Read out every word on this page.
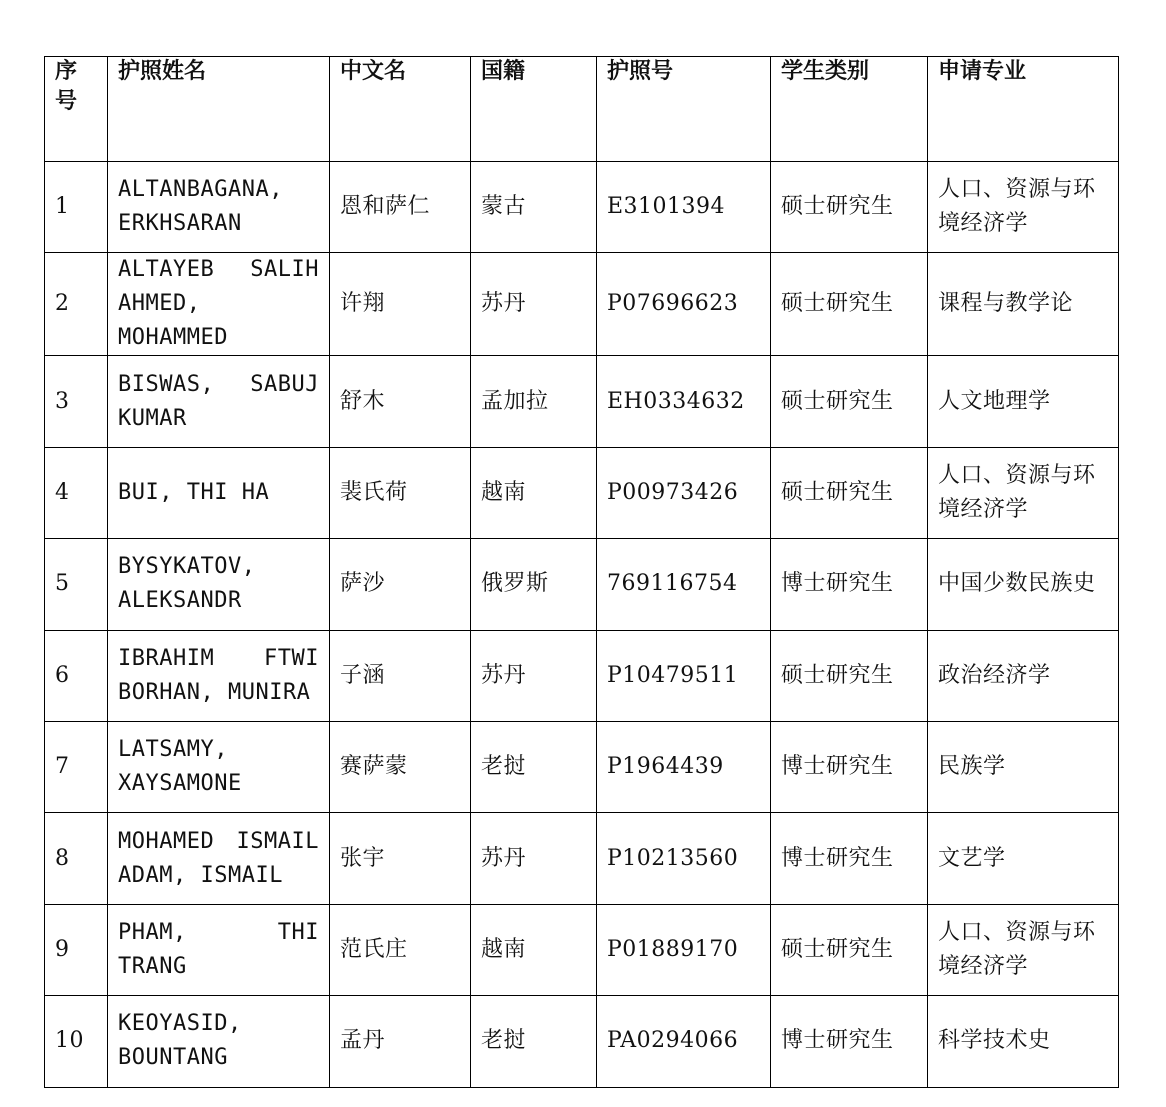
序号	护照姓名	中文名	国籍	护照号	学生类别	申请专业
1	ALTANBAGANA, ERKHSARAN	恩和萨仁	蒙古	E3101394	硕士研究生	人口、资源与环境经济学
2	ALTAYEB SALIH AHMED, MOHAMMED	许翔	苏丹	P07696623	硕士研究生	课程与教学论
3	BISWAS, SABUJ KUMAR	舒木	孟加拉	EH0334632	硕士研究生	人文地理学
4	BUI, THI HA	裴氏荷	越南	P00973426	硕士研究生	人口、资源与环境经济学
5	BYSYKATOV, ALEKSANDR	萨沙	俄罗斯	769116754	博士研究生	中国少数民族史
6	IBRAHIM FTWI BORHAN, MUNIRA	子涵	苏丹	P10479511	硕士研究生	政治经济学
7	LATSAMY, XAYSAMONE	赛萨蒙	老挝	P1964439	博士研究生	民族学
8	MOHAMED ISMAIL ADAM, ISMAIL	张宇	苏丹	P10213560	博士研究生	文艺学
9	PHAM, THI TRANG	范氏庄	越南	P01889170	硕士研究生	人口、资源与环境经济学
10	KEOYASID, BOUNTANG	孟丹	老挝	PA0294066	博士研究生	科学技术史
